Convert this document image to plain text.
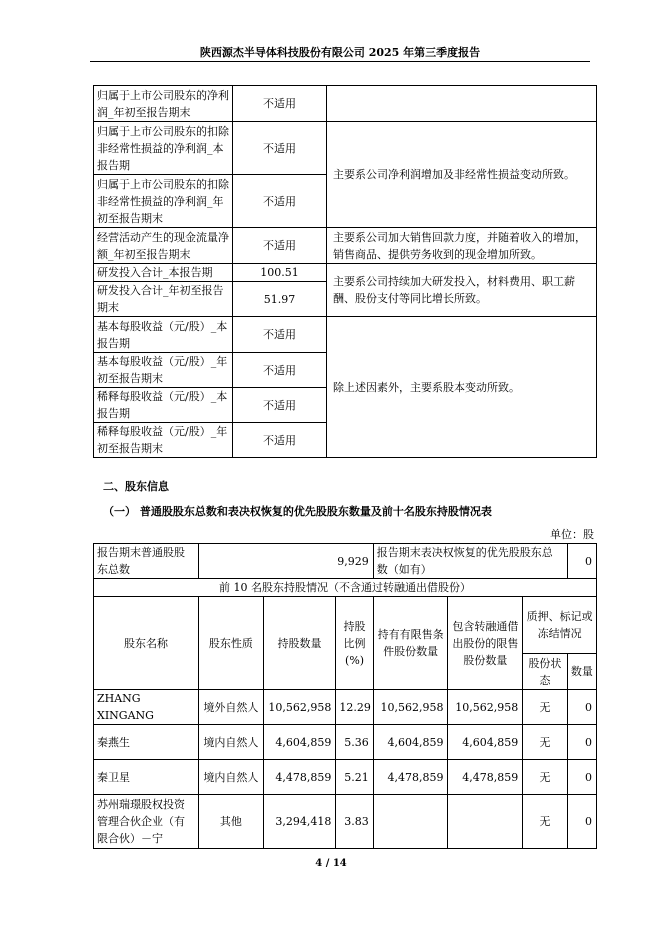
陕西源杰半导体科技股份有限公司 2025 年第三季度报告
归属于上市公司股东的净利润_年初至报告期末	不适用	
归属于上市公司股东的扣除非经常性损益的净利润_本报告期	不适用	主要系公司净利润增加及非经常性损益变动所致。
归属于上市公司股东的扣除非经常性损益的净利润_年初至报告期末	不适用	
经营活动产生的现金流量净额_年初至报告期末	不适用	主要系公司加大销售回款力度，并随着收入的增加，销售商品、提供劳务收到的现金增加所致。
研发投入合计_本报告期	100.51	主要系公司持续加大研发投入，材料费用、职工薪酬、股份支付等同比增长所致。
研发投入合计_年初至报告期末	51.97	
基本每股收益（元/股）_本报告期	不适用	除上述因素外，主要系股本变动所致。
基本每股收益（元/股）_年初至报告期末	不适用	
稀释每股收益（元/股）_本报告期	不适用	
稀释每股收益（元/股）_年初至报告期末	不适用	
二、股东信息
（一） 普通股股东总数和表决权恢复的优先股股东数量及前十名股东持股情况表
单位：股
报告期末普通股股东总数	9,929			报告期末表决权恢复的优先股股东总数（如有）			0
前 10 名股东持股情况（不含通过转融通出借股份）							
股东名称	股东性质	持股数量	持股比例(%)	持有有限售条件股份数量	包含转融通借出股份的限售股份数量	质押、标记或冻结情况	
						股份状态	数量
ZHANG XINGANG	境外自然人	10,562,958	12.29	10,562,958	10,562,958	无	0
秦燕生	境内自然人	4,604,859	5.36	4,604,859	4,604,859	无	0
秦卫星	境内自然人	4,478,859	5.21	4,478,859	4,478,859	无	0
苏州瑞璟股权投资管理合伙企业（有限合伙）－宁	其他	3,294,418	3.83			无	0
4 / 14
